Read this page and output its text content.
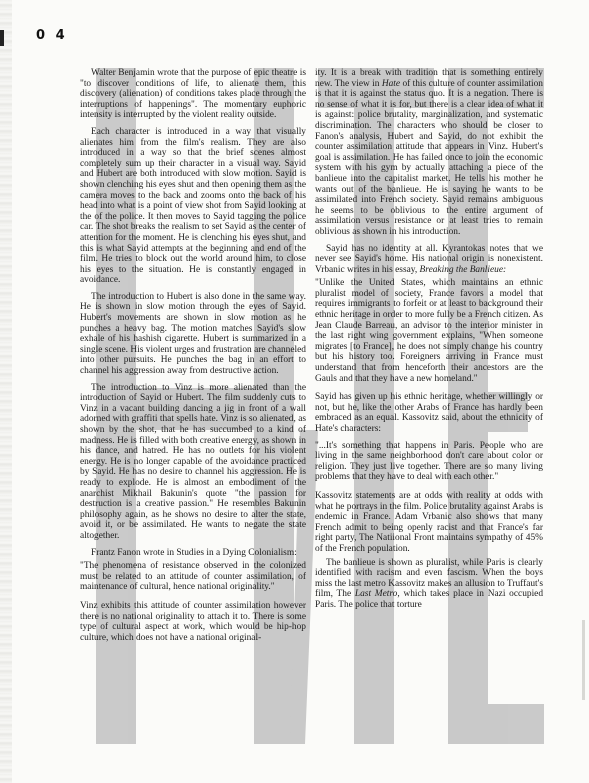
0 4

Walter Benjamin wrote that the purpose of epic theatre is "to discover conditions of life, to alienate them, this discovery (alienation) of conditions takes place through the interruptions of happenings". The momentary euphoric intensity is interrupted by the violent reality outside.

Each character is introduced in a way that visually alienates him from the film's realism. They are also introduced in a way so that the brief scenes almost completely sum up their character in a visual way. Sayid and Hubert are both introduced with slow motion. Sayid is shown clenching his eyes shut and then opening them as the camera moves to the back and zooms onto the back of his head into what is a point of view shot from Sayid looking at the of the police. It then moves to Sayid tagging the police car. The shot breaks the realism to set Sayid as the center of attention for the moment. He is clenching his eyes shut, and this is what Sayid attempts at the beginning and end of the film. He tries to block out the world around him, to close his eyes to the situation. He is constantly engaged in avoidance.

The introduction to Hubert is also done in the same way. He is shown in slow motion through the eyes of Sayid. Hubert's movements are shown in slow motion as he punches a heavy bag. The motion matches Sayid's slow exhale of his hashish cigarette. Hubert is summarized in a single scene. His violent urges and frustration are channeled into other pursuits. He punches the bag in an effort to channel his aggression away from destructive action.

The introduction to Vinz is more alienated than the introduction of Sayid or Hubert. The film suddenly cuts to Vinz in a vacant building dancing a jig in front of a wall adorned with graffiti that spells hate. Vinz is so alienated, as shown by the shot, that he has succumbed to a kind of madness. He is filled with both creative energy, as shown in his dance, and hatred. He has no outlets for his violent energy. He is no longer capable of the avoidance practiced by Sayid. He has no desire to channel his aggression. He is ready to explode. He is almost an embodiment of the anarchist Mikhail Bakunin's quote "the passion for destruction is a creative passion." He resembles Bakunin philosophy again, as he shows no desire to alter the state, avoid it, or be assimilated. He wants to negate the state altogether.

Frantz Fanon wrote in Studies in a Dying Colonialism:

"The phenomena of resistance observed in the colonized must be related to an attitude of counter assimilation, of maintenance of cultural, hence national originality."

Vinz exhibits this attitude of counter assimilation however there is no national originality to attach it to. There is some type of cultural aspect at work, which would be hip-hop culture, which does not have a national original-

ity. It is a break with tradition that is something entirely new. The view in Hate of this culture of counter assimilation is that it is against the status quo. It is a negation. There is no sense of what it is for, but there is a clear idea of what it is against: police brutality, marginalization, and systematic discrimination. The characters who should be closer to Fanon's analysis, Hubert and Sayid, do not exhibit the counter assimilation attitude that appears in Vinz. Hubert's goal is assimilation. He has failed once to join the economic system with his gym by actually attaching a piece of the banlieue into the capitalist market. He tells his mother he wants out of the banlieue. He is saying he wants to be assimilated into French society. Sayid remains ambiguous he seems to be oblivious to the entire argument of assimilation versus resistance or at least tries to remain oblivious as shown in his introduction.

Sayid has no identity at all. Kyrantokas notes that we never see Sayid's home. His national origin is nonexistent. Vrbanic writes in his essay, Breaking the Banlieue:

"Unlike the United States, which maintains an ethnic pluralist model of society, France favors a model that requires immigrants to forfeit or at least to background their ethnic heritage in order to more fully be a French citizen. As Jean Claude Barreau, an advisor to the interior minister in the last right wing government explains, "When someone migrates [to France], he does not simply change his country but his history too. Foreigners arriving in France must understand that from henceforth their ancestors are the Gauls and that they have a new homeland."

Sayid has given up his ethnic heritage, whether willingly or not, but he, like the other Arabs of France has hardly been embraced as an equal. Kassovitz said, about the ethnicity of Hate's characters:

"...It's something that happens in Paris. People who are living in the same neighborhood don't care about color or religion. They just live together. There are so many living problems that they have to deal with each other."

Kassovitz statements are at odds with reality at odds with what he portrays in the film. Police brutality against Arabs is endemic in France. Adam Vrbanic also shows that many French admit to being openly racist and that France's far right party, The Natiional Front maintains sympathy of 45% of the French population.

The banlieue is shown as pluralist, while Paris is clearly identified with racism and even fascism. When the boys miss the last metro Kassovitz makes an allusion to Truffaut's film, The Last Metro, which takes place in Nazi occupied Paris. The police that torture
